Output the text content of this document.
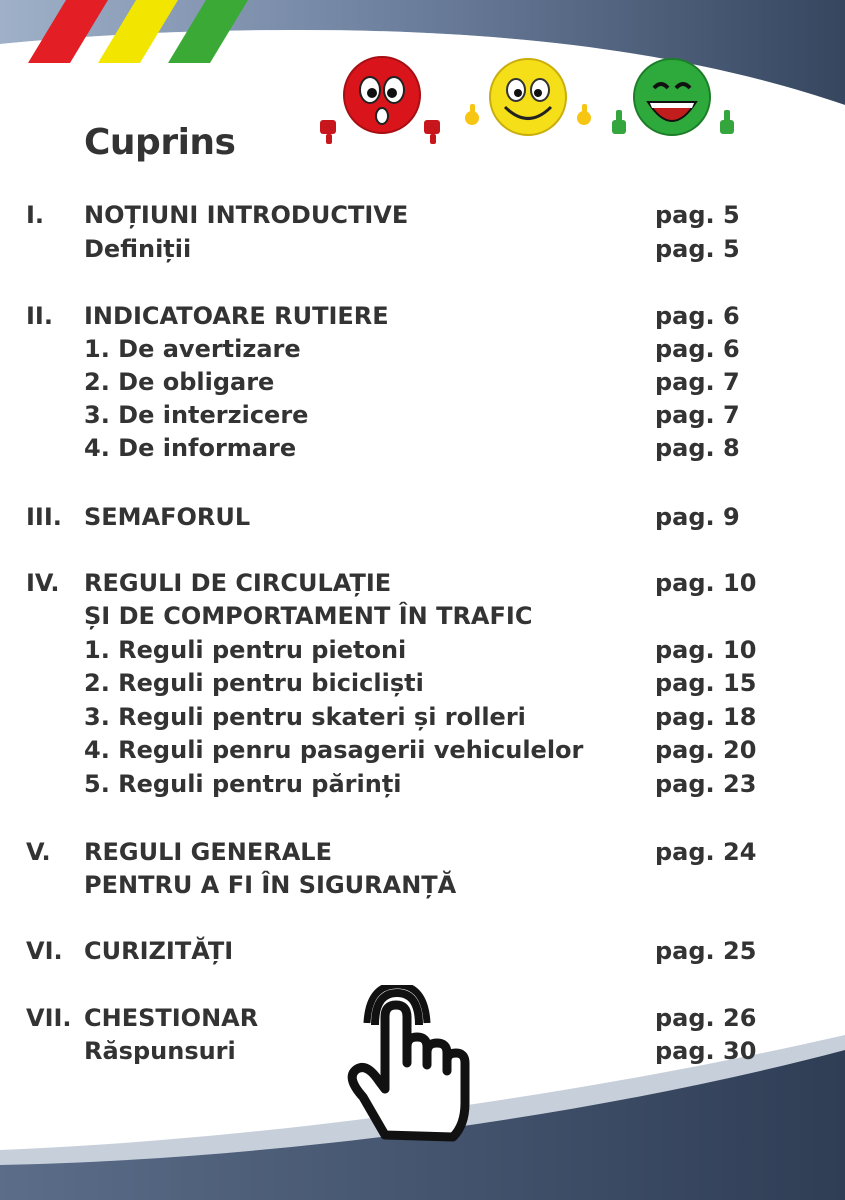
Cuprins
I. NOȚIUNI INTRODUCTIVE	pag. 5
Definiții	pag. 5
II. INDICATOARE RUTIERE	pag. 6
1. De avertizare	pag. 6
2. De obligare	pag. 7
3. De interzicere	pag. 7
4. De informare	pag. 8
III. SEMAFORUL	pag. 9
IV. REGULI DE CIRCULAȚIE	pag. 10
ȘI DE COMPORTAMENT ÎN TRAFIC
1. Reguli pentru pietoni	pag. 10
2. Reguli pentru bicicliști	pag. 15
3. Reguli pentru skateri și rolleri	pag. 18
4. Reguli penru pasagerii vehiculelor	pag. 20
5. Reguli pentru părinți	pag. 23
V. REGULI GENERALE	pag. 24
PENTRU A FI ÎN SIGURANȚĂ
VI. CURIZITĂȚI	pag. 25
VII. CHESTIONAR	pag. 26
Răspunsuri	pag. 30
